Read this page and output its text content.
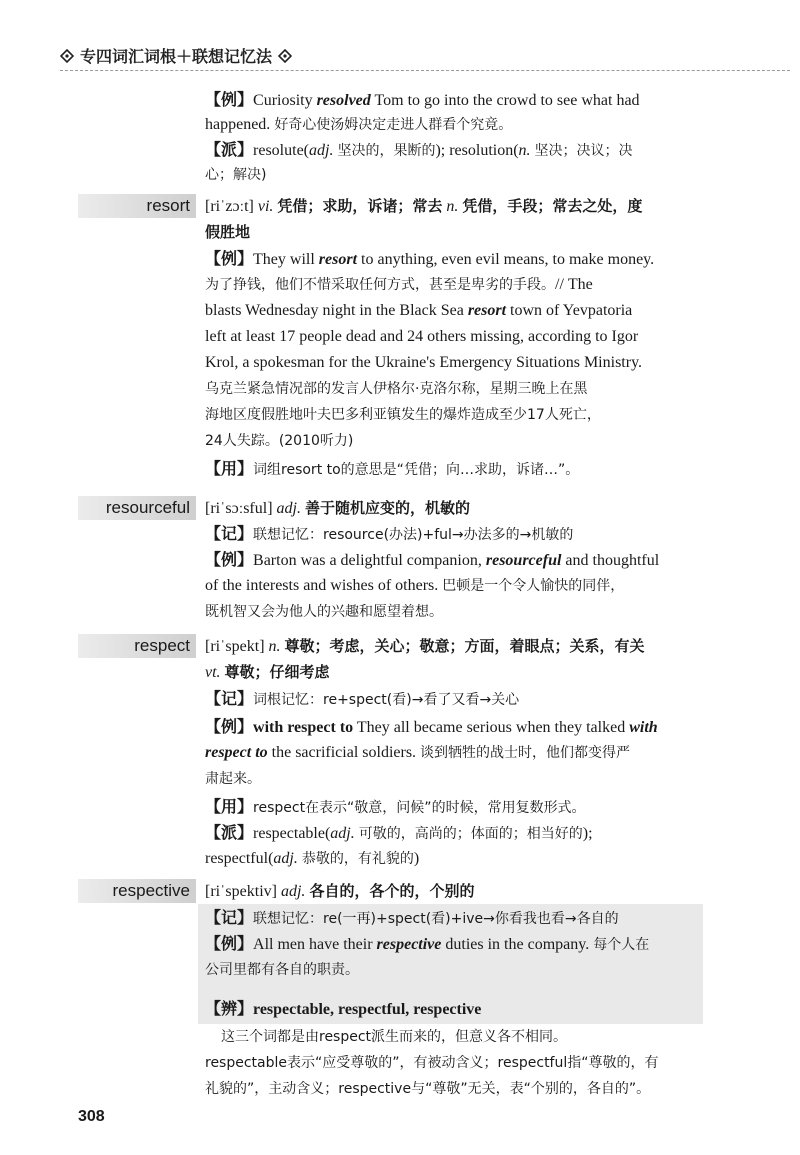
专四词汇词根＋联想记忆法
resort
resourceful
respect
respective
【例】Curiosity resolved Tom to go into the crowd to see what had
happened. 好奇心使汤姆决定走进人群看个究竟。
【派】resolute(adj. 坚决的，果断的); resolution(n. 坚决；决议；决
心；解决)
[riˈzɔːt] vi. 凭借；求助，诉诸；常去 n. 凭借，手段；常去之处，度
假胜地
【例】They will resort to anything, even evil means, to make money.
为了挣钱，他们不惜采取任何方式，甚至是卑劣的手段。// The
blasts Wednesday night in the Black Sea resort town of Yevpatoria
left at least 17 people dead and 24 others missing, according to Igor
Krol, a spokesman for the Ukraine's Emergency Situations Ministry.
乌克兰紧急情况部的发言人伊格尔·克洛尔称，星期三晚上在黑
海地区度假胜地叶夫巴多利亚镇发生的爆炸造成至少17人死亡，
24人失踪。(2010听力)
【用】词组resort to的意思是“凭借；向…求助，诉诸…”。
[riˈsɔːsful] adj. 善于随机应变的，机敏的
【记】联想记忆：resource(办法)+ful→办法多的→机敏的
【例】Barton was a delightful companion, resourceful and thoughtful
of the interests and wishes of others. 巴顿是一个令人愉快的同伴，
既机智又会为他人的兴趣和愿望着想。
[riˈspekt] n. 尊敬；考虑，关心；敬意；方面，着眼点；关系，有关
vt. 尊敬；仔细考虑
【记】词根记忆：re+spect(看)→看了又看→关心
【例】with respect to They all became serious when they talked with
respect to the sacrificial soldiers. 谈到牺牲的战士时，他们都变得严
肃起来。
【用】respect在表示“敬意，问候”的时候，常用复数形式。
【派】respectable(adj. 可敬的，高尚的；体面的；相当好的);
respectful(adj. 恭敬的，有礼貌的)
[riˈspektiv] adj. 各自的，各个的，个别的
【记】联想记忆：re(一再)+spect(看)+ive→你看我也看→各自的
【例】All men have their respective duties in the company. 每个人在
公司里都有各自的职责。
【辨】respectable, respectful, respective
这三个词都是由respect派生而来的，但意义各不相同。
respectable表示“应受尊敬的”，有被动含义；respectful指“尊敬的，有
礼貌的”，主动含义；respective与“尊敬”无关，表“个别的，各自的”。
308
